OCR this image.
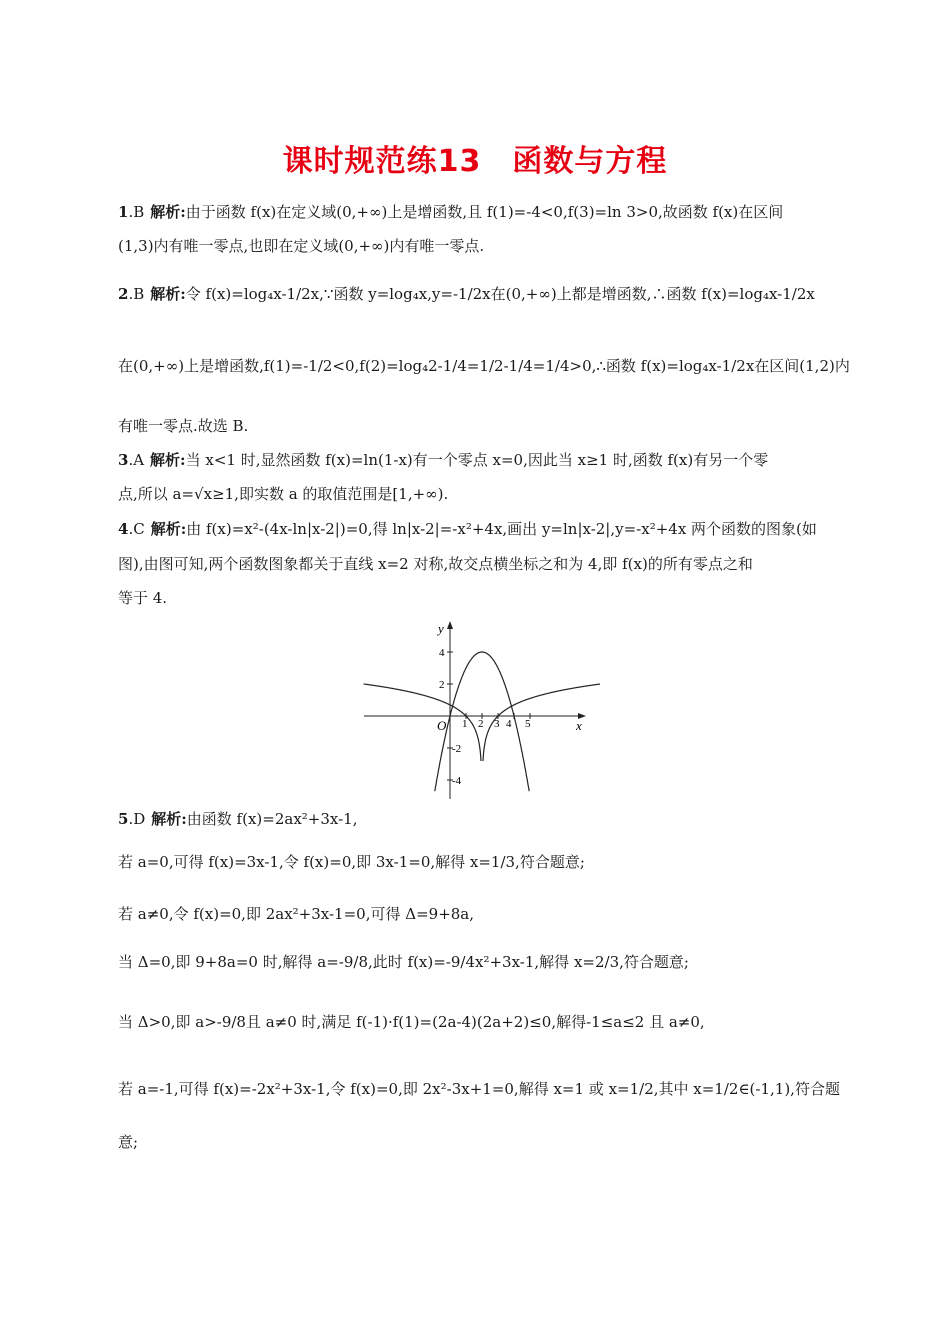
课时规范练13　函数与方程
1.B 解析:由于函数 f(x)在定义域(0,+∞)上是增函数,且 f(1)=-4<0,f(3)=ln 3>0,故函数 f(x)在区间
(1,3)内有唯一零点,也即在定义域(0,+∞)内有唯一零点.
2.B 解析:令 f(x)=log₄x-1/2x,∵函数 y=log₄x,y=-1/2x在(0,+∞)上都是增函数,∴函数 f(x)=log₄x-1/2x
在(0,+∞)上是增函数,f(1)=-1/2<0,f(2)=log₄2-1/4=1/2-1/4=1/4>0,∴函数 f(x)=log₄x-1/2x在区间(1,2)内
有唯一零点.故选 B.
3.A 解析:当 x<1 时,显然函数 f(x)=ln(1-x)有一个零点 x=0,因此当 x≥1 时,函数 f(x)有另一个零
点,所以 a=√x≥1,即实数 a 的取值范围是[1,+∞).
4.C 解析:由 f(x)=x²-(4x-ln|x-2|)=0,得 ln|x-2|=-x²+4x,画出 y=ln|x-2|,y=-x²+4x 两个函数的图象(如
图),由图可知,两个函数图象都关于直线 x=2 对称,故交点横坐标之和为 4,即 f(x)的所有零点之和
等于 4.
5.D 解析:由函数 f(x)=2ax²+3x-1,
若 a=0,可得 f(x)=3x-1,令 f(x)=0,即 3x-1=0,解得 x=1/3,符合题意;
若 a≠0,令 f(x)=0,即 2ax²+3x-1=0,可得 Δ=9+8a,
当 Δ=0,即 9+8a=0 时,解得 a=-9/8,此时 f(x)=-9/4x²+3x-1,解得 x=2/3,符合题意;
当 Δ>0,即 a>-9/8且 a≠0 时,满足 f(-1)·f(1)=(2a-4)(2a+2)≤0,解得-1≤a≤2 且 a≠0,
若 a=-1,可得 f(x)=-2x²+3x-1,令 f(x)=0,即 2x²-3x+1=0,解得 x=1 或 x=1/2,其中 x=1/2∈(-1,1),符合题
意;
x
y
O 1 2 3 4 5
4
2
-2
-4
